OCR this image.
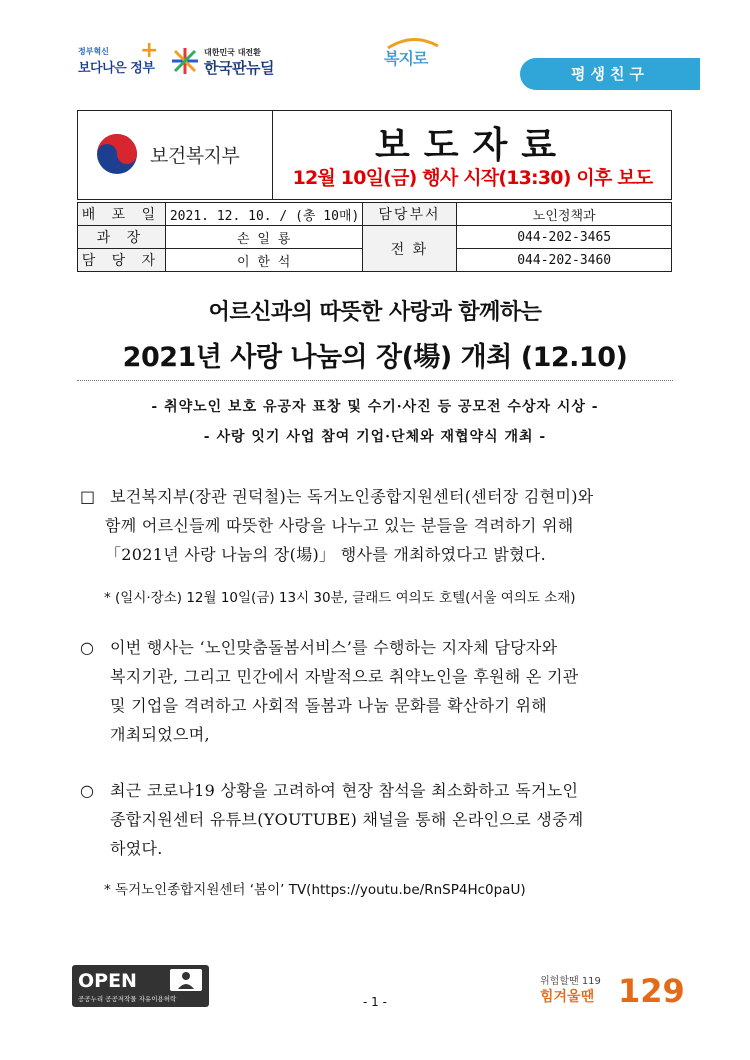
정부혁신
보다나은 정부
+	대한민국 대전환
한국판뉴딜	복지로
평생친구
보건복지부	보도자료
12월 10일(금) 행사 시작(13:30) 이후 보도
배 포 일	2021. 12. 10. / (총 10매)	담당부서	노인정책과
과 장	손 일 룡	전 화	044-202-3465
담 당 자	이 한 석		044-202-3460
어르신과의 따뜻한 사랑과 함께하는
2021년 사랑 나눔의 장(場) 개최 (12.10)
- 취약노인 보호 유공자 표창 및 수기·사진 등 공모전 수상자 시상 -
- 사랑 잇기 사업 참여 기업·단체와 재협약식 개최 -
□ 보건복지부(장관 권덕철)는 독거노인종합지원센터(센터장 김현미)와
함께 어르신들께 따뜻한 사랑을 나누고 있는 분들을 격려하기 위해
「2021년 사랑 나눔의 장(場)」 행사를 개최하였다고 밝혔다.
* (일시·장소) 12월 10일(금) 13시 30분, 글래드 여의도 호텔(서울 여의도 소재)
○ 이번 행사는 ‘노인맞춤돌봄서비스’를 수행하는 지자체 담당자와
복지기관, 그리고 민간에서 자발적으로 취약노인을 후원해 온 기관
및 기업을 격려하고 사회적 돌봄과 나눔 문화를 확산하기 위해
개최되었으며,
○ 최근 코로나19 상황을 고려하여 현장 참석을 최소화하고 독거노인
종합지원센터 유튜브(YOUTUBE) 채널을 통해 온라인으로 생중계
하였다.
* 독거노인종합지원센터 ‘봄이’ TV(https://youtu.be/RnSP4Hc0paU)
OPEN
공공누리 공공저작물 자유이용허락	- 1 -
위험할땐 119
힘겨울땐 129
